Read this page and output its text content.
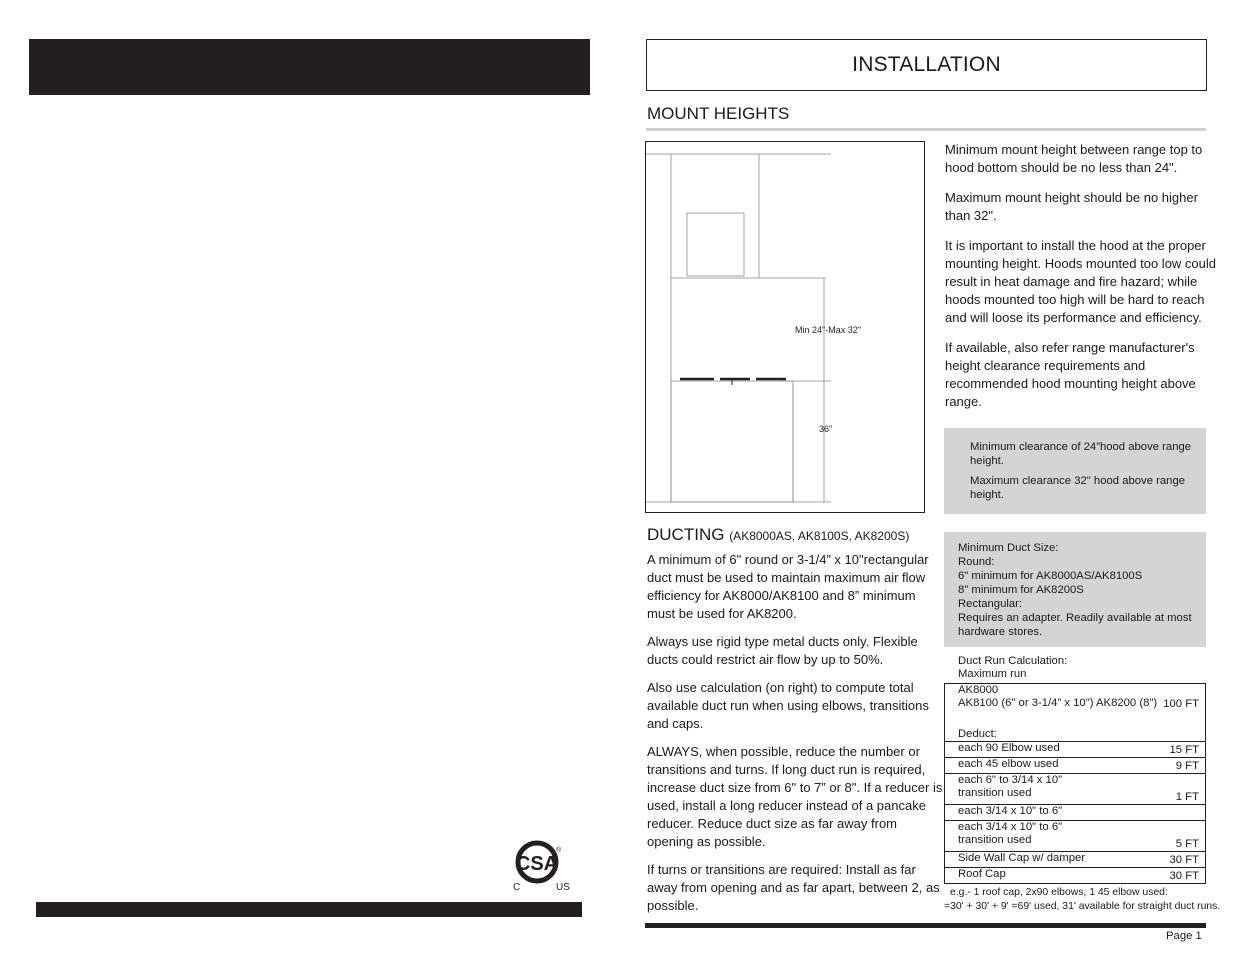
CSA
®
C	US
INSTALLATION
MOUNT HEIGHTS
Min 24"-Max 32"
36"

Minimum mount height between range top to hood bottom should be no less than 24".

Maximum mount height should be no higher than 32".

It is important to install the hood at the proper mounting height. Hoods mounted too low could result in heat damage and fire hazard; while hoods mounted too high will be hard to reach and will loose its performance and efficiency.

If available, also refer range manufacturer's height clearance requirements and recommended hood mounting height above range.

Minimum clearance of 24”hood above range height.

Maximum clearance 32" hood above range height.

DUCTING (AK8000AS, AK8100S, AK8200S)

A minimum of 6" round or 3-1/4” x 10"rectangular duct must be used to maintain maximum air flow efficiency for AK8000/AK8100 and 8” minimum must be used for AK8200.

Always use rigid type metal ducts only. Flexible ducts could restrict air flow by up to 50%.

Also use calculation (on right) to compute total available duct run when using elbows, transitions and caps.

ALWAYS, when possible, reduce the number or transitions and turns. If long duct run is required, increase duct size from 6" to 7” or 8". If a reducer is used, install a long reducer instead of a pancake reducer. Reduce duct size as far away from opening as possible.

If turns or transitions are required: Install as far away from opening and as far apart, between 2, as possible.

Minimum Duct Size:
Round:
6" minimum for AK8000AS/AK8100S
8" minimum for AK8200S
Rectangular:
Requires an adapter. Readily available at most hardware stores.
Duct Run Calculation:
Maximum run
AK8000
AK8100 (6" or 3-1/4” x 10") AK8200 (8") 100 FT
Deduct:
each 90 Elbow used	15 FT
each 45 elbow used	9 FT
each 6" to 3/14 x 10"
transition used	1 FT
each 3/14 x 10" to 6"
each 3/14 x 10" to 6"
transition used	5 FT
Side Wall Cap w/ damper	30 FT
Roof Cap	30 FT
e.g.- 1 roof cap, 2x90 elbows, 1 45 elbow used:
=30' + 30' + 9' =69' used, 31' available for straight duct runs.
Page 1
